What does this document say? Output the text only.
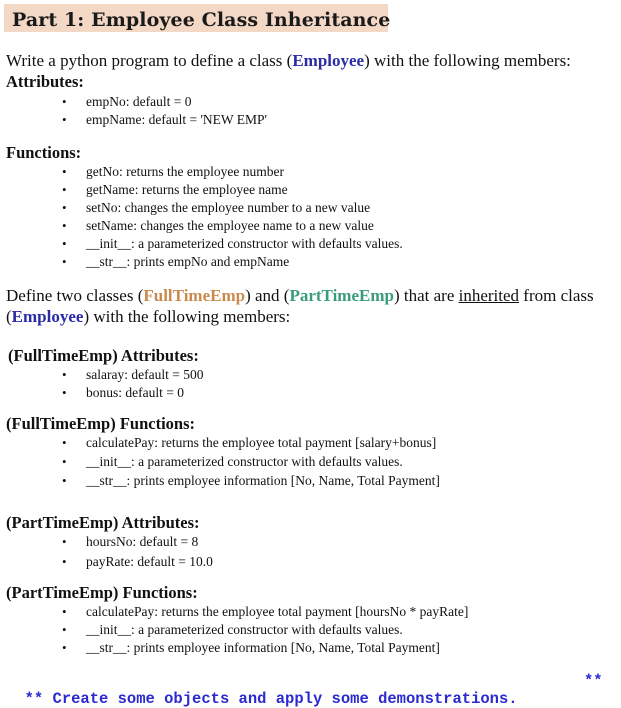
Part 1: Employee Class Inheritance
Write a python program to define a class (Employee) with the following members:
Attributes:
• empNo: default = 0
• empName: default = 'NEW EMP'
Functions:
• getNo: returns the employee number
• getName: returns the employee name
• setNo: changes the employee number to a new value
• setName: changes the employee name to a new value
• __init__: a parameterized constructor with defaults values.
• __str__: prints empNo and empName
Define two classes (FullTimeEmp) and (PartTimeEmp) that are inherited from class
(Employee) with the following members:
(FullTimeEmp) Attributes:
• salaray: default = 500
• bonus: default = 0
(FullTimeEmp) Functions:
• calculatePay: returns the employee total payment [salary+bonus]
• __init__: a parameterized constructor with defaults values.
• __str__: prints employee information [No, Name, Total Payment]
(PartTimeEmp) Attributes:
• hoursNo: default = 8
• payRate: default = 10.0
(PartTimeEmp) Functions:
• calculatePay: returns the employee total payment [hoursNo * payRate]
• __init__: a parameterized constructor with defaults values.
• __str__: prints employee information [No, Name, Total Payment]

** Create some objects and apply some demonstrations.
**
